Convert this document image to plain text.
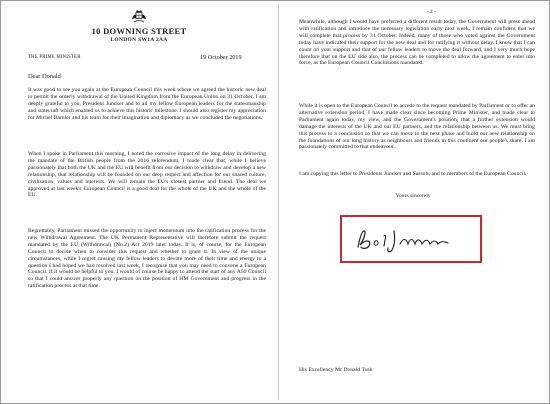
10 DOWNING STREET
LONDON SW1A 2AA
THE PRIME MINISTER	19 October 2019
Dear Donald

It was good to see you again at the European Council this week where we agreed the historic new deal to permit the orderly withdrawal of the United Kingdom from the European Union on 31 October. I am deeply grateful to you, President Juncker and to all my fellow European leaders for the statesmanship and statecraft which enabled us to achieve this historic milestone. I should also register my appreciation for Michel Barnier and his team for their imagination and diplomacy as we concluded the negotiations.

When I spoke in Parliament this morning, I noted the corrosive impact of the long delay in delivering the mandate of the British people from the 2016 referendum. I made clear that, while I believe passionately that both the UK and the EU will benefit from our decision to withdraw and develop a new relationship, that relationship will be founded on our deep respect and affection for our shared culture, civilisation, values and interests. We will remain the EU's closest partner and friend. The deal we approved at last week's European Council is a good deal for the whole of the UK and the whole of the EU.

Regrettably, Parliament missed the opportunity to inject momentum into the ratification process for the new Withdrawal Agreement. The UK Permanent Representative will therefore submit the request mandated by the EU (Withdrawal) (No.2) Act 2019 later today. It is, of course, for the European Council to decide when to consider this request and whether to grant it. In view of the unique circumstances, while I regret causing my fellow leaders to devote more of their time and energy to a question I had hoped we had resolved last week, I recognise that you may need to convene a European Council. If it would be helpful to you, I would of course be happy to attend the start of any A50 Council so that I could answer properly any question on the position of HM Government and progress in the ratification process at that time.

- 2 -

Meanwhile, although I would have preferred a different result today, the Government will press ahead with ratification and introduce the necessary legislation early next week. I remain confident that we will complete that process by 31 October. Indeed, many of those who voted against the Government today have indicated their support for the new deal and for ratifying it without delay. I know that I can count on your support and that of our fellow leaders to move the deal forward, and I very much hope therefore that on the EU side also, the process can be completed to allow the agreement to enter into force, as the European Council Conclusions mandated.

While it is open to the European Council to accede to the request mandated by Parliament or to offer an alternative extension period, I have made clear since becoming Prime Minister, and made clear to Parliament again today, my view, and the Government's position, that a further extension would damage the interests of the UK and our EU partners, and the relationship between us. We must bring this process to a conclusion so that we can move to the next phase and build our new relationship on the foundations of our long history as neighbours and friends in this continent our people's share. I am passionately committed to that endeavour.

I am copying this letter to Presidents Juncker and Sassoli, and to members of the European Council.

Yours sincerely
His Excellency Mr Donald Tusk
